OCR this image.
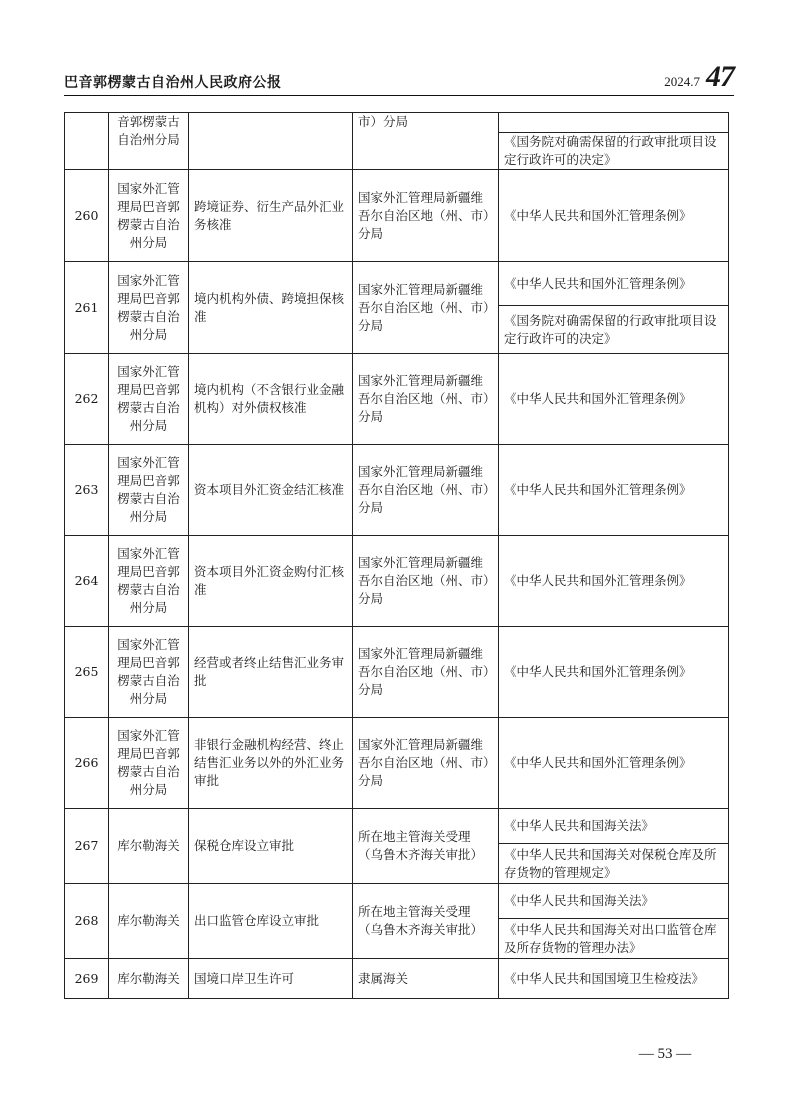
巴音郭楞蒙古自治州人民政府公报	2024.7 47
	音郭楞蒙古自治州分局		市）分局	
				《国务院对确需保留的行政审批项目设定行政许可的决定》
260	国家外汇管理局巴音郭楞蒙古自治州分局	跨境证券、衍生产品外汇业务核准	国家外汇管理局新疆维吾尔自治区地（州、市）分局	《中华人民共和国外汇管理条例》
261	国家外汇管理局巴音郭楞蒙古自治州分局	境内机构外债、跨境担保核准	国家外汇管理局新疆维吾尔自治区地（州、市）分局	《中华人民共和国外汇管理条例》
				《国务院对确需保留的行政审批项目设定行政许可的决定》
262	国家外汇管理局巴音郭楞蒙古自治州分局	境内机构（不含银行业金融机构）对外债权核准	国家外汇管理局新疆维吾尔自治区地（州、市）分局	《中华人民共和国外汇管理条例》
263	国家外汇管理局巴音郭楞蒙古自治州分局	资本项目外汇资金结汇核准	国家外汇管理局新疆维吾尔自治区地（州、市）分局	《中华人民共和国外汇管理条例》
264	国家外汇管理局巴音郭楞蒙古自治州分局	资本项目外汇资金购付汇核准	国家外汇管理局新疆维吾尔自治区地（州、市）分局	《中华人民共和国外汇管理条例》
265	国家外汇管理局巴音郭楞蒙古自治州分局	经营或者终止结售汇业务审批	国家外汇管理局新疆维吾尔自治区地（州、市）分局	《中华人民共和国外汇管理条例》
266	国家外汇管理局巴音郭楞蒙古自治州分局	非银行金融机构经营、终止结售汇业务以外的外汇业务审批	国家外汇管理局新疆维吾尔自治区地（州、市）分局	《中华人民共和国外汇管理条例》
267	库尔勒海关	保税仓库设立审批	所在地主管海关受理（乌鲁木齐海关审批）	《中华人民共和国海关法》
				《中华人民共和国海关对保税仓库及所存货物的管理规定》
268	库尔勒海关	出口监管仓库设立审批	所在地主管海关受理（乌鲁木齐海关审批）	《中华人民共和国海关法》
				《中华人民共和国海关对出口监管仓库及所存货物的管理办法》
269	库尔勒海关	国境口岸卫生许可	隶属海关	《中华人民共和国国境卫生检疫法》
— 53 —
